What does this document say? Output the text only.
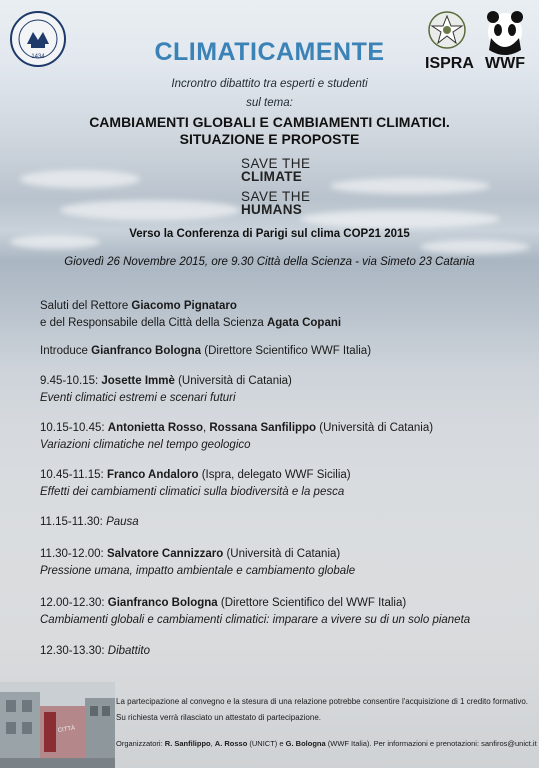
1434	ISPRA WWF
CLIMATICAMENTE
Incrontro dibattito tra esperti e studenti
sul tema:
CAMBIAMENTI GLOBALI E CAMBIAMENTI CLIMATICI.
SITUAZIONE E PROPOSTE
SAVE THE
CLIMATE
SAVE THE
HUMANS
Verso la Conferenza di Parigi sul clima COP21 2015
Giovedì 26 Novembre 2015, ore 9.30 Città della Scienza - via Simeto 23 Catania
Saluti del Rettore Giacomo Pignataro
e del Responsabile della Città della Scienza Agata Copani
Introduce Gianfranco Bologna (Direttore Scientifico WWF Italia)
9.45-10.15: Josette Immè (Università di Catania)
Eventi climatici estremi e scenari futuri
10.15-10.45: Antonietta Rosso, Rossana Sanfilippo (Università di Catania)
Variazioni climatiche nel tempo geologico
10.45-11.15: Franco Andaloro (Ispra, delegato WWF Sicilia)
Effetti dei cambiamenti climatici sulla biodiversità e la pesca
11.15-11.30: Pausa
11.30-12.00: Salvatore Cannizzaro (Università di Catania)
Pressione umana, impatto ambientale e cambiamento globale
12.00-12.30: Gianfranco Bologna (Direttore Scientifico del WWF Italia)
Cambiamenti globali e cambiamenti climatici: imparare a vivere su di un solo pianeta
12.30-13.30: Dibattito
CITTÀ
La partecipazione al convegno e la stesura di una relazione potrebbe consentire l'acquisizione di 1 credito formativo.
Su richiesta verrà rilasciato un attestato di partecipazione.
Organizzatori: R. Sanfilippo, A. Rosso (UNICT) e G. Bologna (WWF Italia). Per informazioni e prenotazioni: sanfiros@unict.it
